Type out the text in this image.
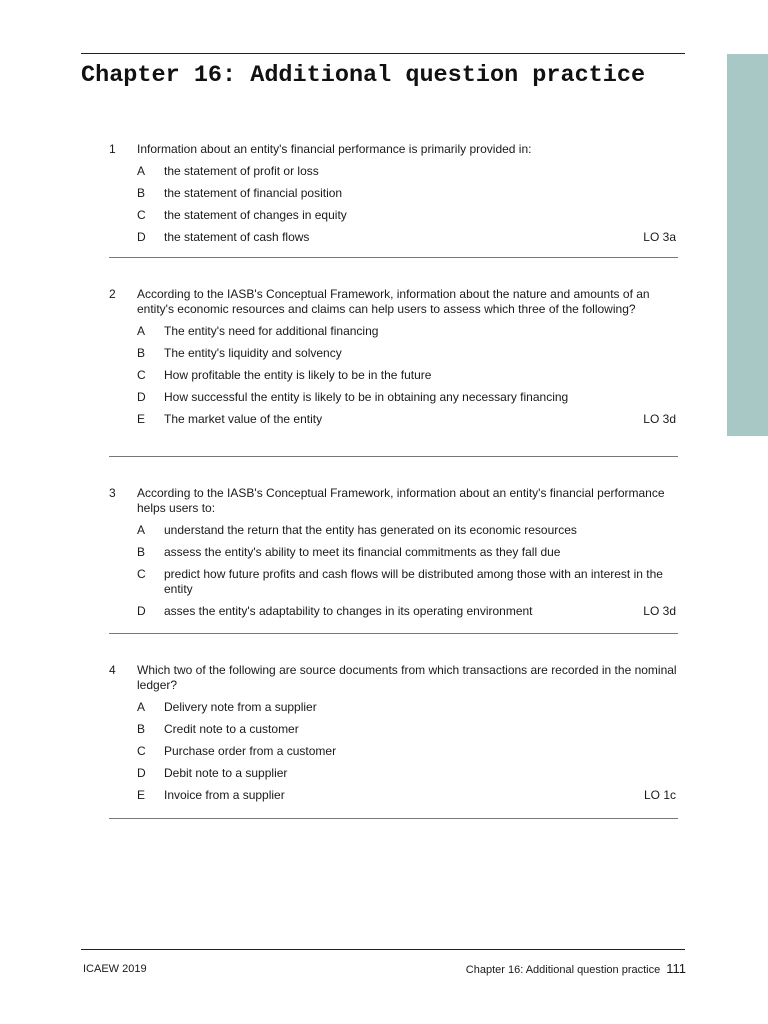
Chapter 16: Additional question practice
1 Information about an entity's financial performance is primarily provided in:
A the statement of profit or loss
B the statement of financial position
C the statement of changes in equity
D the statement of cash flows	LO 3a
2 According to the IASB's Conceptual Framework, information about the nature and amounts of an entity's economic resources and claims can help users to assess which three of the following?
A The entity's need for additional financing
B The entity's liquidity and solvency
C How profitable the entity is likely to be in the future
D How successful the entity is likely to be in obtaining any necessary financing
E The market value of the entity	LO 3d
3 According to the IASB's Conceptual Framework, information about an entity's financial performance helps users to:
A understand the return that the entity has generated on its economic resources
B assess the entity's ability to meet its financial commitments as they fall due
C predict how future profits and cash flows will be distributed among those with an interest in the entity
D asses the entity's adaptability to changes in its operating environment	LO 3d
4 Which two of the following are source documents from which transactions are recorded in the nominal ledger?
A Delivery note from a supplier
B Credit note to a customer
C Purchase order from a customer
D Debit note to a supplier
E Invoice from a supplier	LO 1c
ICAEW 2019	Chapter 16: Additional question practice 111
